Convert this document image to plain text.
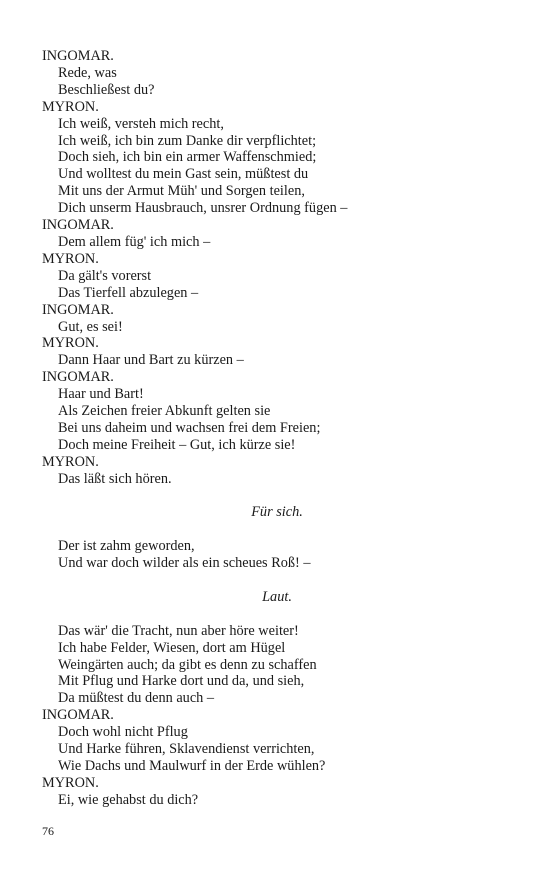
INGOMAR.
Rede, was
Beschließest du?
MYRON.
Ich weiß, versteh mich recht,
Ich weiß, ich bin zum Danke dir verpflichtet;
Doch sieh, ich bin ein armer Waffenschmied;
Und wolltest du mein Gast sein, müßtest du
Mit uns der Armut Müh' und Sorgen teilen,
Dich unserm Hausbrauch, unsrer Ordnung fügen –
INGOMAR.
Dem allem füg' ich mich –
MYRON.
Da gält's vorerst
Das Tierfell abzulegen –
INGOMAR.
Gut, es sei!
MYRON.
Dann Haar und Bart zu kürzen –
INGOMAR.
Haar und Bart!
Als Zeichen freier Abkunft gelten sie
Bei uns daheim und wachsen frei dem Freien;
Doch meine Freiheit – Gut, ich kürze sie!
MYRON.
Das läßt sich hören.
Für sich.
Der ist zahm geworden,
Und war doch wilder als ein scheues Roß! –
Laut.
Das wär' die Tracht, nun aber höre weiter!
Ich habe Felder, Wiesen, dort am Hügel
Weingärten auch; da gibt es denn zu schaffen
Mit Pflug und Harke dort und da, und sieh,
Da müßtest du denn auch –
INGOMAR.
Doch wohl nicht Pflug
Und Harke führen, Sklavendienst verrichten,
Wie Dachs und Maulwurf in der Erde wühlen?
MYRON.
Ei, wie gehabst du dich?
76
